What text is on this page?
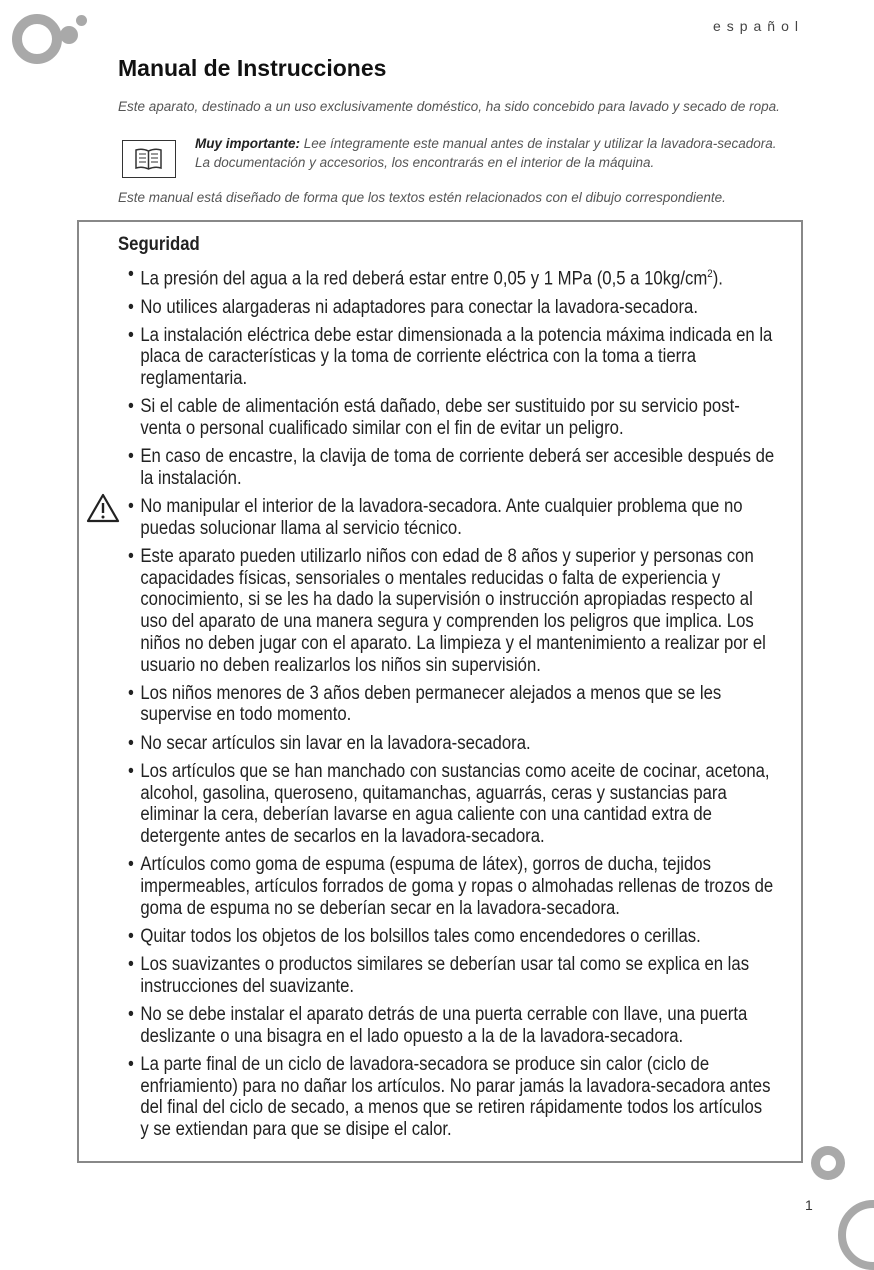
español
Manual de Instrucciones

Este aparato, destinado a un uso exclusivamente doméstico, ha sido concebido para lavado y secado de ropa.

Muy importante: Lee íntegramente este manual antes de instalar y utilizar la lavadora-secadora. La documentación y accesorios, los encontrarás en el interior de la máquina.

Este manual está diseñado de forma que los textos estén relacionados con el dibujo correspondiente.

Seguridad
• La presión del agua a la red deberá estar entre 0,05 y 1 MPa (0,5 a $10kg/cm^2$).
• No utilices alargaderas ni adaptadores para conectar la lavadora-secadora.
• La instalación eléctrica debe estar dimensionada a la potencia máxima indicada en la placa de características y la toma de corriente eléctrica con la toma a tierra reglamentaria.
• Si el cable de alimentación está dañado, debe ser sustituido por su servicio post-venta o personal cualificado similar con el fin de evitar un peligro.
• En caso de encastre, la clavija de toma de corriente deberá ser accesible después de la instalación.
• No manipular el interior de la lavadora-secadora. Ante cualquier problema que no puedas solucionar llama al servicio técnico.
• Este aparato pueden utilizarlo niños con edad de 8 años y superior y personas con capacidades físicas, sensoriales o mentales reducidas o falta de experiencia y conocimiento, si se les ha dado la supervisión o instrucción apropiadas respecto al uso del aparato de una manera segura y comprenden los peligros que implica. Los niños no deben jugar con el aparato. La limpieza y el mantenimiento a realizar por el usuario no deben realizarlos los niños sin supervisión.
• Los niños menores de 3 años deben permanecer alejados a menos que se les supervise en todo momento.
• No secar artículos sin lavar en la lavadora-secadora.
• Los artículos que se han manchado con sustancias como aceite de cocinar, acetona, alcohol, gasolina, queroseno, quitamanchas, aguarrás, ceras y sustancias para eliminar la cera, deberían lavarse en agua caliente con una cantidad extra de detergente antes de secarlos en la lavadora-secadora.
• Artículos como goma de espuma (espuma de látex), gorros de ducha, tejidos impermeables, artículos forrados de goma y ropas o almohadas rellenas de trozos de goma de espuma no se deberían secar en la lavadora-secadora.
• Quitar todos los objetos de los bolsillos tales como encendedores o cerillas.
• Los suavizantes o productos similares se deberían usar tal como se explica en las instrucciones del suavizante.
• No se debe instalar el aparato detrás de una puerta cerrable con llave, una puerta deslizante o una bisagra en el lado opuesto a la de la lavadora-secadora.
• La parte final de un ciclo de lavadora-secadora se produce sin calor (ciclo de enfriamiento) para no dañar los artículos. No parar jamás la lavadora-secadora antes del final del ciclo de secado, a menos que se retiren rápidamente todos los artículos y se extiendan para que se disipe el calor.
1
